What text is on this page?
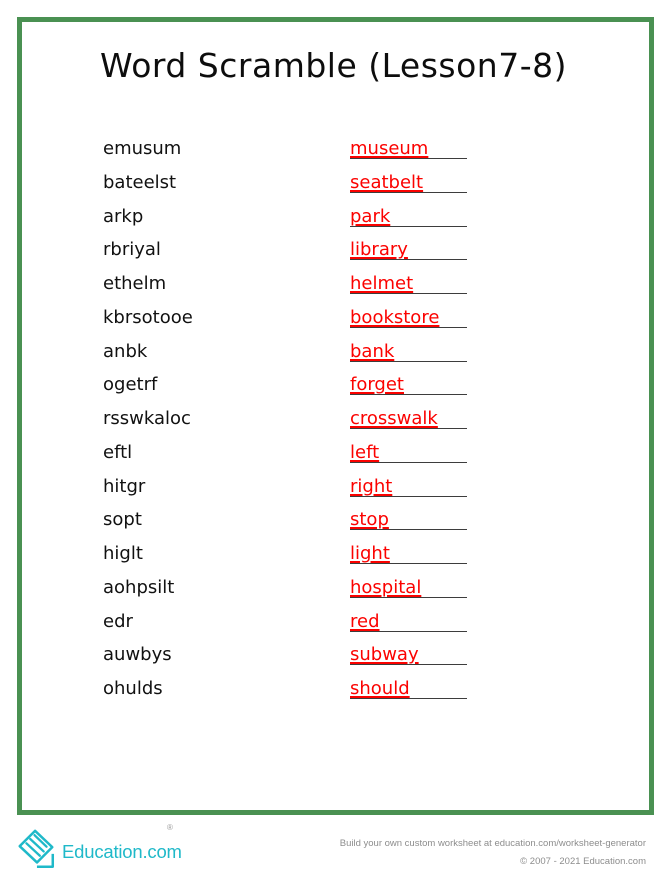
Word Scramble (Lesson7-8)
emusum	museum
bateelst	seatbelt
arkp	park
rbriyal	library
ethelm	helmet
kbrsotooe	bookstore
anbk	bank
ogetrf	forget
rsswkaloc	crosswalk
eftl	left
hitgr	right
sopt	stop
higlt	light
aohpsilt	hospital
edr	red
auwbys	subway
ohulds	should
Education.com
®
Build your own custom worksheet at education.com/worksheet-generator
© 2007 - 2021 Education.com
